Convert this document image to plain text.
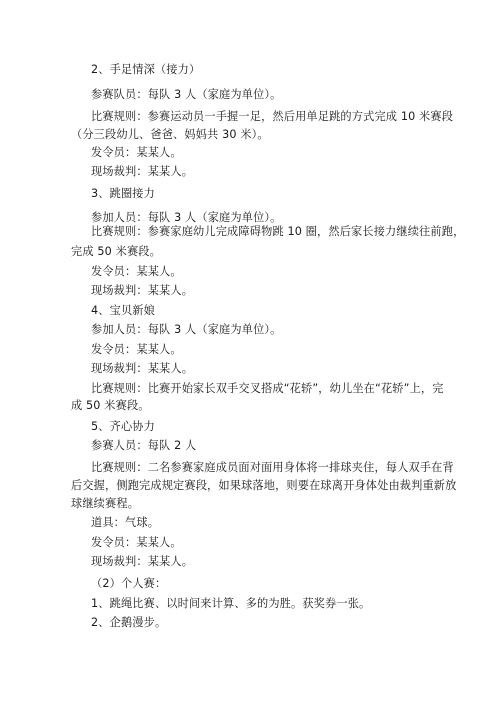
2、手足情深（接力）
参赛队员：每队 3 人（家庭为单位）。
比赛规则：参赛运动员一手握一足，然后用单足跳的方式完成 10 米赛段
（分三段幼儿、爸爸、妈妈共 30 米）。
发令员：某某人。
现场裁判：某某人。
3、跳圈接力
参加人员：每队 3 人（家庭为单位）。
比赛规则：参赛家庭幼儿完成障碍物跳 10 圈，然后家长接力继续往前跑，
完成 50 米赛段。
发令员：某某人。
现场裁判：某某人。
4、宝贝新娘
参加人员：每队 3 人（家庭为单位）。
发令员：某某人。
现场裁判：某某人。
比赛规则：比赛开始家长双手交叉搭成“花轿”，幼儿坐在“花轿”上，完
成 50 米赛段。
5、齐心协力
参赛人员：每队 2 人
比赛规则：二名参赛家庭成员面对面用身体将一排球夹住，每人双手在背
后交握，侧跑完成规定赛段，如果球落地，则要在球离开身体处由裁判重新放
球继续赛程。
道具：气球。
发令员：某某人。
现场裁判：某某人。
（2）个人赛：
1、跳绳比赛、以时间来计算、多的为胜。获奖券一张。
2、企鹅漫步。
